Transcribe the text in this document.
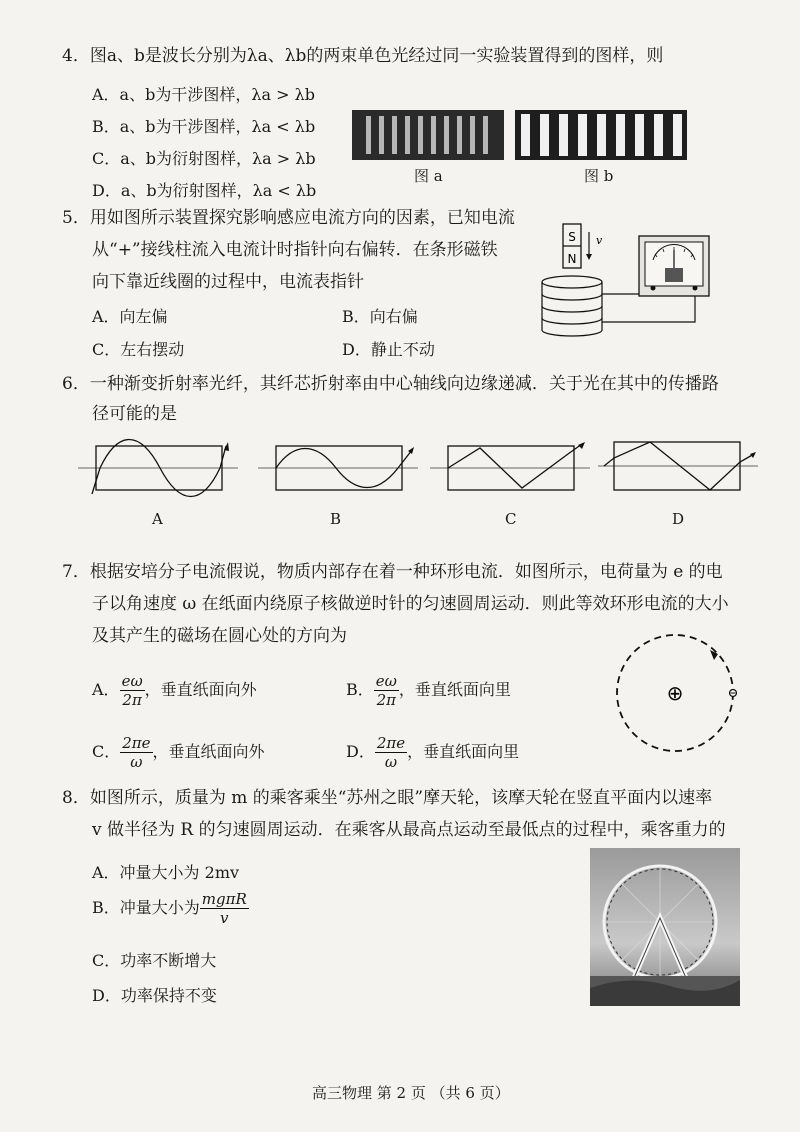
4．图a、b是波长分别为λa、λb的两束单色光经过同一实验装置得到的图样，则
A．a、b为干涉图样，λa > λb
B．a、b为干涉图样，λa < λb
C．a、b为衍射图样，λa > λb
D．a、b为衍射图样，λa < λb
图 a	图 b
5．用如图所示装置探究影响感应电流方向的因素，已知电流
从“+”接线柱流入电流计时指针向右偏转．在条形磁铁
向下靠近线圈的过程中，电流表指针
A．向左偏	B．向右偏
C．左右摆动	D．静止不动
S
N
v
6．一种渐变折射率光纤，其纤芯折射率由中心轴线向边缘递减．关于光在其中的传播路
径可能的是
A	B	C	D
7．根据安培分子电流假说，物质内部存在着一种环形电流．如图所示，电荷量为 e 的电
子以角速度 ω 在纸面内绕原子核做逆时针的匀速圆周运动．则此等效环形电流的大小
及其产生的磁场在圆心处的方向为
A． $\frac{e\omega}{2\pi}$ ，垂直纸面向外	B． $\frac{e\omega}{2\pi}$ ，垂直纸面向里
C． $\frac{2\pi e}{\omega}$ ，垂直纸面向外	D． $\frac{2\pi e}{\omega}$ ，垂直纸面向里
⊕
8．如图所示，质量为 m 的乘客乘坐“苏州之眼”摩天轮，该摩天轮在竖直平面内以速率
v 做半径为 R 的匀速圆周运动．在乘客从最高点运动至最低点的过程中，乘客重力的
A．冲量大小为 2mv
B．冲量大小为 $\frac{\text{mgπR}}{v}$
C．功率不断增大
D．功率保持不变
高三物理 第 2 页 （共 6 页）
